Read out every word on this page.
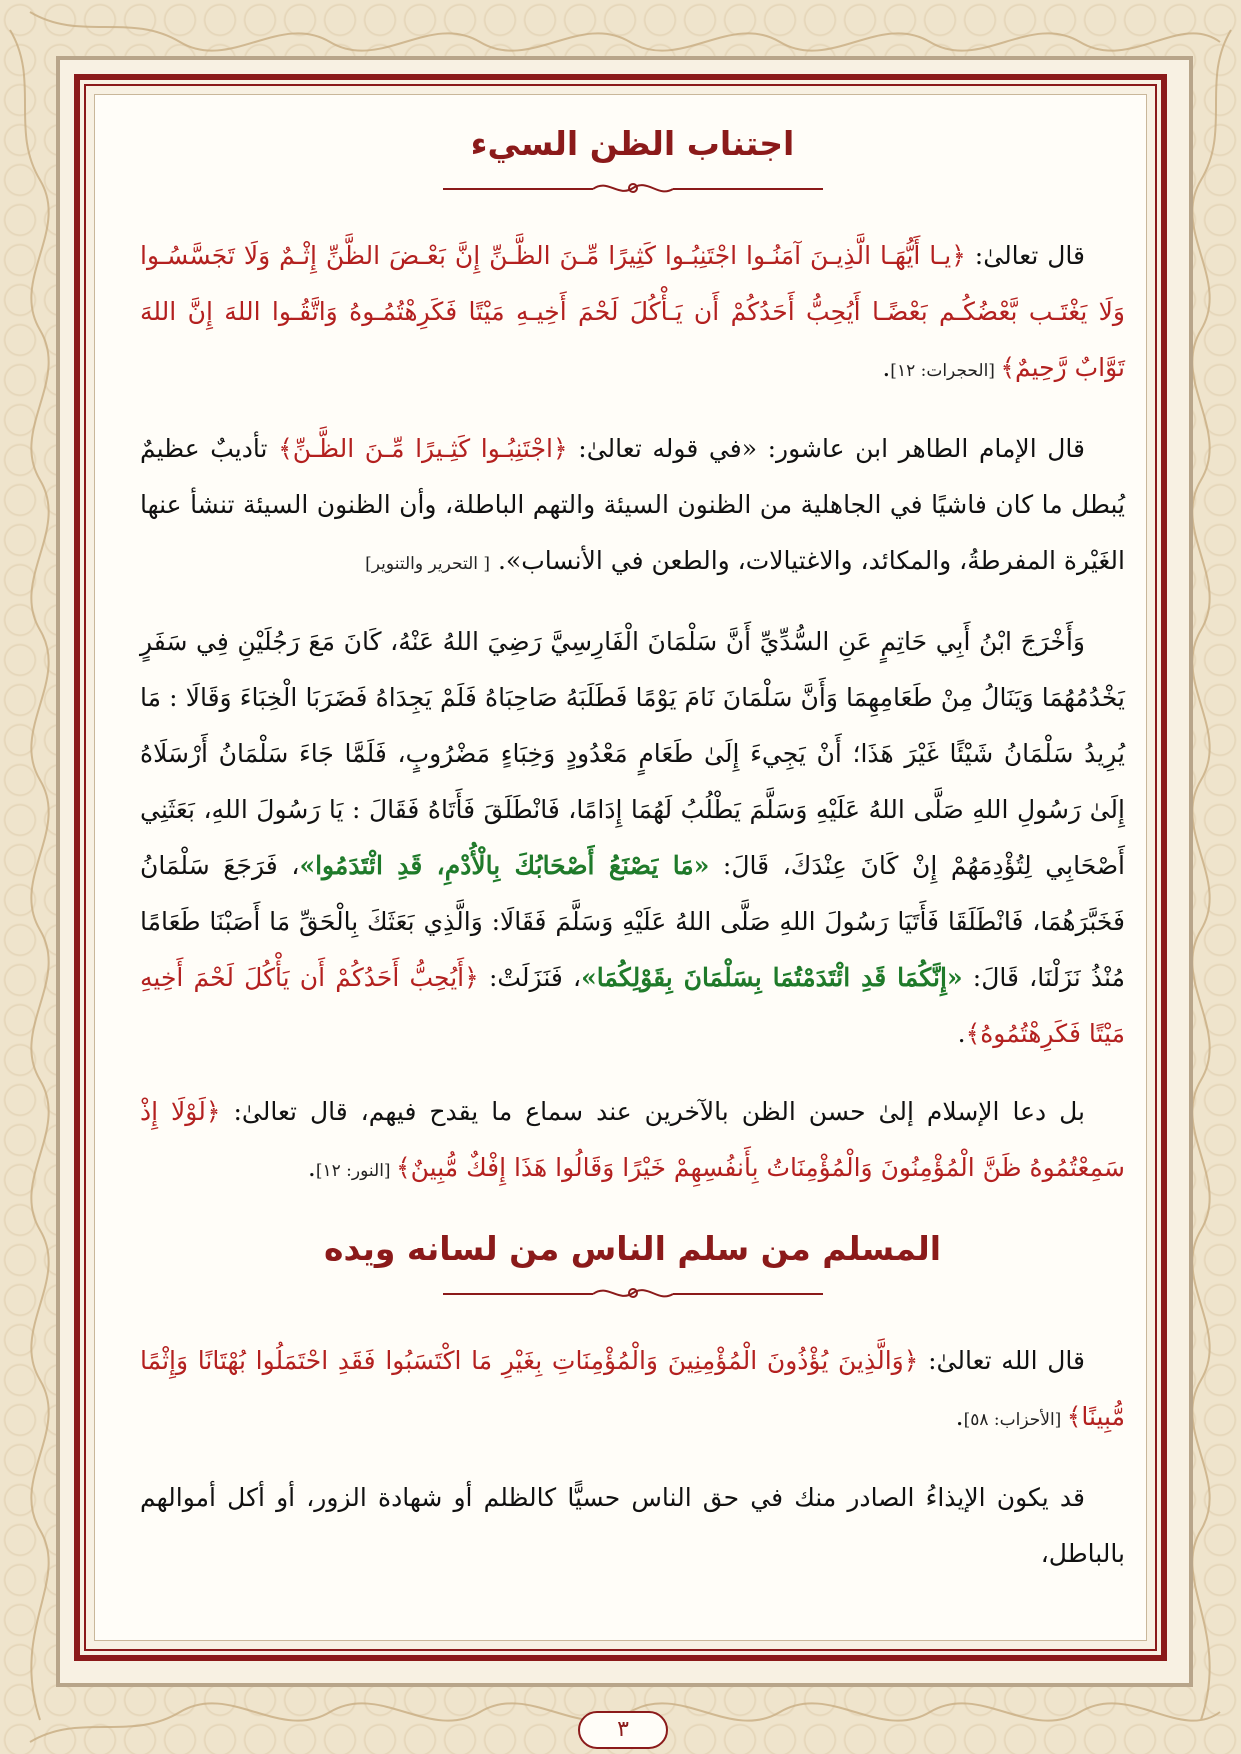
اجتناب الظن السيء

قال تعالىٰ: ﴿يـا أَيُّهَـا الَّذِيـنَ آمَنُـوا اجْتَنِبُـوا كَثِيرًا مِّـنَ الظَّـنِّ إِنَّ بَعْـضَ الظَّنِّ إِثْـمٌ وَلَا تَجَسَّسُـوا وَلَا يَغْتَـب بَّعْضُكُـم بَعْضًـا أَيُحِبُّ أَحَدُكُمْ أَن يَـأْكُلَ لَحْمَ أَخِيـهِ مَيْتًا فَكَرِهْتُمُـوهُ وَاتَّقُـوا اللهَ إِنَّ اللهَ تَوَّابٌ رَّحِيمٌ﴾ [الحجرات: ١٢].

قال الإمام الطاهر ابن عاشور: «في قوله تعالىٰ: ﴿اجْتَنِبُـوا كَثِـيرًا مِّـنَ الظَّـنِّ﴾ تأديبٌ عظيمٌ يُبطل ما كان فاشيًا في الجاهلية من الظنون السيئة والتهم الباطلة، وأن الظنون السيئة تنشأ عنها الغَيْرة المفرطةُ، والمكائد، والاغتيالات، والطعن في الأنساب». [ التحرير والتنوير]

وَأَخْرَجَ ابْنُ أَبِي حَاتِمٍ عَنِ السُّدِّيِّ أَنَّ سَلْمَانَ الْفَارِسِيَّ رَضِيَ اللهُ عَنْهُ، كَانَ مَعَ رَجُلَيْنِ فِي سَفَرٍ يَخْدُمُهُمَا وَيَنَالُ مِنْ طَعَامِهِمَا وَأَنَّ سَلْمَانَ نَامَ يَوْمًا فَطَلَبَهُ صَاحِبَاهُ فَلَمْ يَجِدَاهُ فَضَرَبَا الْخِبَاءَ وَقَالَا : مَا يُرِيدُ سَلْمَانُ شَيْئًا غَيْرَ هَذَا؛ أَنْ يَجِيءَ إِلَىٰ طَعَامٍ مَعْدُودٍ وَخِبَاءٍ مَضْرُوبٍ، فَلَمَّا جَاءَ سَلْمَانُ أَرْسَلَاهُ إِلَىٰ رَسُولِ اللهِ صَلَّى اللهُ عَلَيْهِ وَسَلَّمَ يَطْلُبُ لَهُمَا إِدَامًا، فَانْطَلَقَ فَأَتَاهُ فَقَالَ : يَا رَسُولَ اللهِ، بَعَثَنِي أَصْحَابِي لِتُؤْدِمَهُمْ إِنْ كَانَ عِنْدَكَ، قَالَ: «مَا يَصْنَعُ أَصْحَابُكَ بِالْأُدْمِ، قَدِ ائْتَدَمُوا»، فَرَجَعَ سَلْمَانُ فَخَبَّرَهُمَا، فَانْطَلَقَا فَأَتَيَا رَسُولَ اللهِ صَلَّى اللهُ عَلَيْهِ وَسَلَّمَ فَقَالَا: وَالَّذِي بَعَثَكَ بِالْحَقِّ مَا أَصَبْنَا طَعَامًا مُنْذُ نَزَلْنَا، قَالَ: «إِنَّكُمَا قَدِ ائْتَدَمْتُمَا بِسَلْمَانَ بِقَوْلِكُمَا»، فَنَزَلَتْ: ﴿أَيُحِبُّ أَحَدُكُمْ أَن يَأْكُلَ لَحْمَ أَخِيهِ مَيْتًا فَكَرِهْتُمُوهُ﴾.

بل دعا الإسلام إلىٰ حسن الظن بالآخرين عند سماع ما يقدح فيهم، قال تعالىٰ: ﴿لَوْلَا إِذْ سَمِعْتُمُوهُ ظَنَّ الْمُؤْمِنُونَ وَالْمُؤْمِنَاتُ بِأَنفُسِهِمْ خَيْرًا وَقَالُوا هَذَا إِفْكٌ مُّبِينٌ﴾ [النور: ١٢].

المسلم من سلم الناس من لسانه ويده

قال الله تعالىٰ: ﴿وَالَّذِينَ يُؤْذُونَ الْمُؤْمِنِينَ وَالْمُؤْمِنَاتِ بِغَيْرِ مَا اكْتَسَبُوا فَقَدِ احْتَمَلُوا بُهْتَانًا وَإِثْمًا مُّبِينًا﴾ [الأحزاب: ٥٨].

قد يكون الإيذاءُ الصادر منك في حق الناس حسيًّا كالظلم أو شهادة الزور، أو أكل أموالهم بالباطل،

٣
